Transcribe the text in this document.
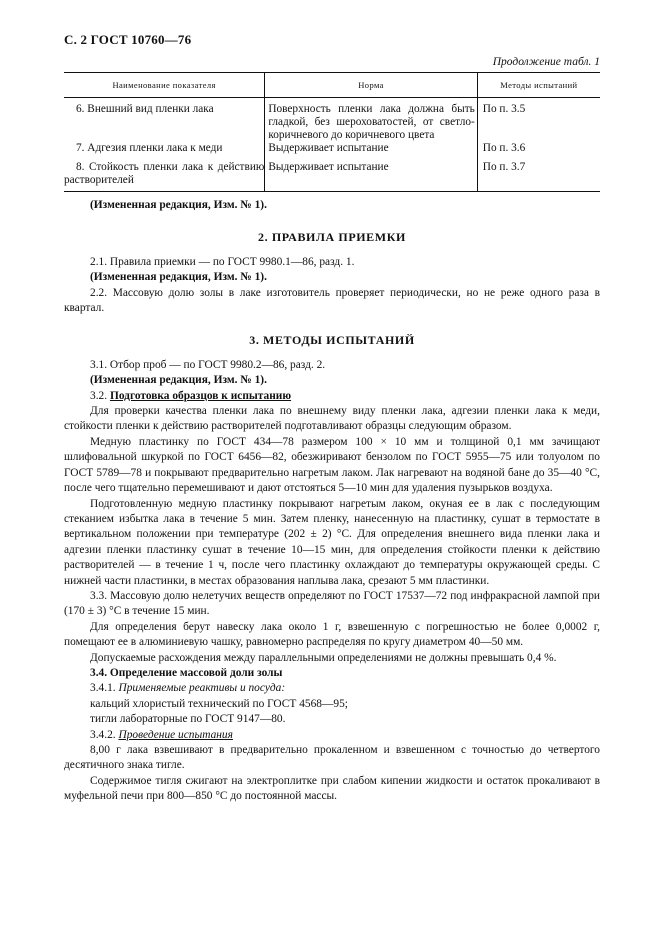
С. 2 ГОСТ 10760—76
Продолжение табл. 1
Наименование показателя	Норма	Методы испытаний
6. Внешний вид пленки лака	Поверхность пленки лака должна быть гладкой, без шероховатостей, от светло-коричневого до коричневого цвета	По п. 3.5
7. Адгезия пленки лака к меди	Выдерживает испытание	По п. 3.6
8. Стойкость пленки лака к действию растворителей	Выдерживает испытание	По п. 3.7

(Измененная редакция, Изм. № 1).

2. ПРАВИЛА ПРИЕМКИ

2.1. Правила приемки — по ГОСТ 9980.1—86, разд. 1.

(Измененная редакция, Изм. № 1).

2.2. Массовую долю золы в лаке изготовитель проверяет периодически, но не реже одного раза в квартал.

3. МЕТОДЫ ИСПЫТАНИЙ

3.1. Отбор проб — по ГОСТ 9980.2—86, разд. 2.

(Измененная редакция, Изм. № 1).

3.2. Подготовка образцов к испытанию

Для проверки качества пленки лака по внешнему виду пленки лака, адгезии пленки лака к меди, стойкости пленки к действию растворителей подготавливают образцы следующим образом.

Медную пластинку по ГОСТ 434—78 размером 100 × 10 мм и толщиной 0,1 мм зачищают шлифовальной шкуркой по ГОСТ 6456—82, обезжиривают бензолом по ГОСТ 5955—75 или толуолом по ГОСТ 5789—78 и покрывают предварительно нагретым лаком. Лак нагревают на водяной бане до 35—40 °С, после чего тщательно перемешивают и дают отстояться 5—10 мин для удаления пузырьков воздуха.

Подготовленную медную пластинку покрывают нагретым лаком, окуная ее в лак с последующим стеканием избытка лака в течение 5 мин. Затем пленку, нанесенную на пластинку, сушат в термостате в вертикальном положении при температуре (202 ± 2) °С. Для определения внешнего вида пленки лака и адгезии пленки пластинку сушат в течение 10—15 мин, для определения стойкости пленки к действию растворителей — в течение 1 ч, после чего пластинку охлаждают до температуры окружающей среды. С нижней части пластинки, в местах образования наплыва лака, срезают 5 мм пластинки.

3.3. Массовую долю нелетучих веществ определяют по ГОСТ 17537—72 под инфракрасной лампой при (170 ± 3) °С в течение 15 мин.

Для определения берут навеску лака около 1 г, взвешенную с погрешностью не более 0,0002 г, помещают ее в алюминиевую чашку, равномерно распределяя по кругу диаметром 40—50 мм.

Допускаемые расхождения между параллельными определениями не должны превышать 0,4 %.

3.4. Определение массовой доли золы

3.4.1. Применяемые реактивы и посуда:

кальций хлористый технический по ГОСТ 4568—95;

тигли лабораторные по ГОСТ 9147—80.

3.4.2. Проведение испытания

8,00 г лака взвешивают в предварительно прокаленном и взвешенном с точностью до четвертого десятичного знака тигле.

Содержимое тигля сжигают на электроплитке при слабом кипении жидкости и остаток прокаливают в муфельной печи при 800—850 °С до постоянной массы.
